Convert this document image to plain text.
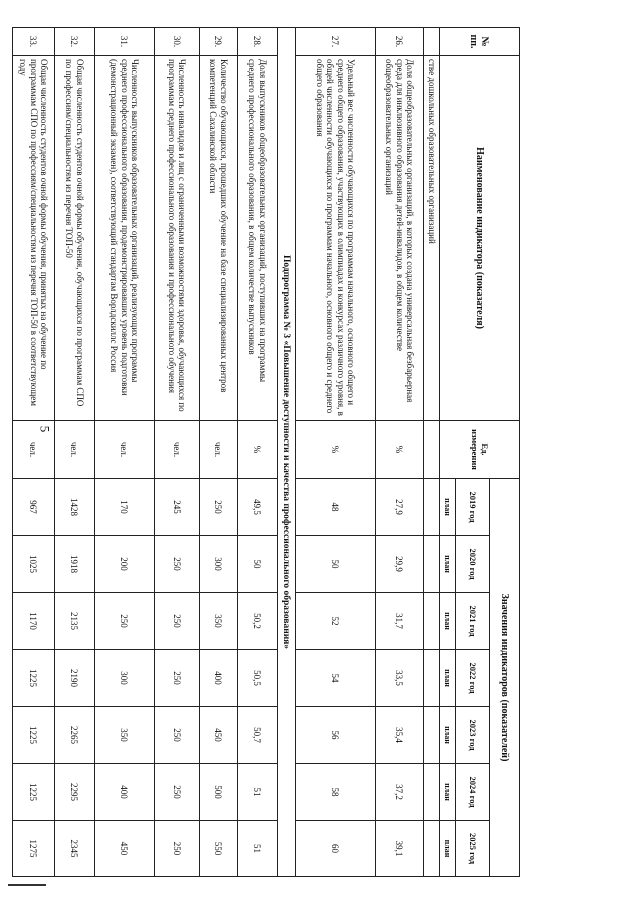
5
№ пп.	Наименование индикатора (показателя)	Ед. измерения	Значения индикаторов (показателей)						
			2019 год	2020 год	2021 год	2022 год	2023 год	2024 год	2025 год
			план	план	план	план	план	план	план
	стве дошкольных образовательных организаций								
26.	Доля общеобразовательных организаций, в которых создана универсальная безбарьерная среда для инклюзивного образования детей-инвалидов, в общем количестве общеобразовательных организаций	%	27,9	29,9	31,7	33,5	35,4	37,2	39,1
27.	Удельный вес численности обучающихся по программам начального, основного общего и среднего общего образования, участвующих в олимпиадах и конкурсах различного уровня, в общей численности обучающихся по программам начального, основного общего и среднего общего образования	%	48	50	52	54	56	58	60
Подпрограмма № 3 «Повышение доступности и качества профессионального образования»									
28.	Доля выпускников общеобразовательных организаций, поступивших на программы среднего профессионального образования, в общем количестве выпускников	%	49,5	50	50,2	50,5	50,7	51	51
29.	Количество обучающихся, прошедших обучение на базе специализированных центров компетенций Сахалинской области	чел.	250	300	350	400	450	500	550
30.	Численность инвалидов и лиц с ограниченными возможностями здоровья, обучающихся по программам среднего профессионального образования и профессионального обучения	чел.	245	250	250	250	250	250	250
31.	Численность выпускников образовательных организаций, реализующих программы среднего профессионального образования, продемонстрировавших уровень подготовки (демонстрационный экзамен), соответствующий стандартам Ворлдскиллс Россия	чел.	170	200	250	300	350	400	450
32.	Общая численность студентов очной формы обучения, обучающихся по программам СПО по профессиям/специальностям из перечня ТОП-50	чел.	1428	1918	2135	2190	2265	2295	2345
33.	Общая численность студентов очной формы обучения, принятых на обучение по программам СПО по профессиям/специальностям из перечня ТОП-50 в соответствующем году	чел.	967	1025	1170	1225	1225	1225	1275
